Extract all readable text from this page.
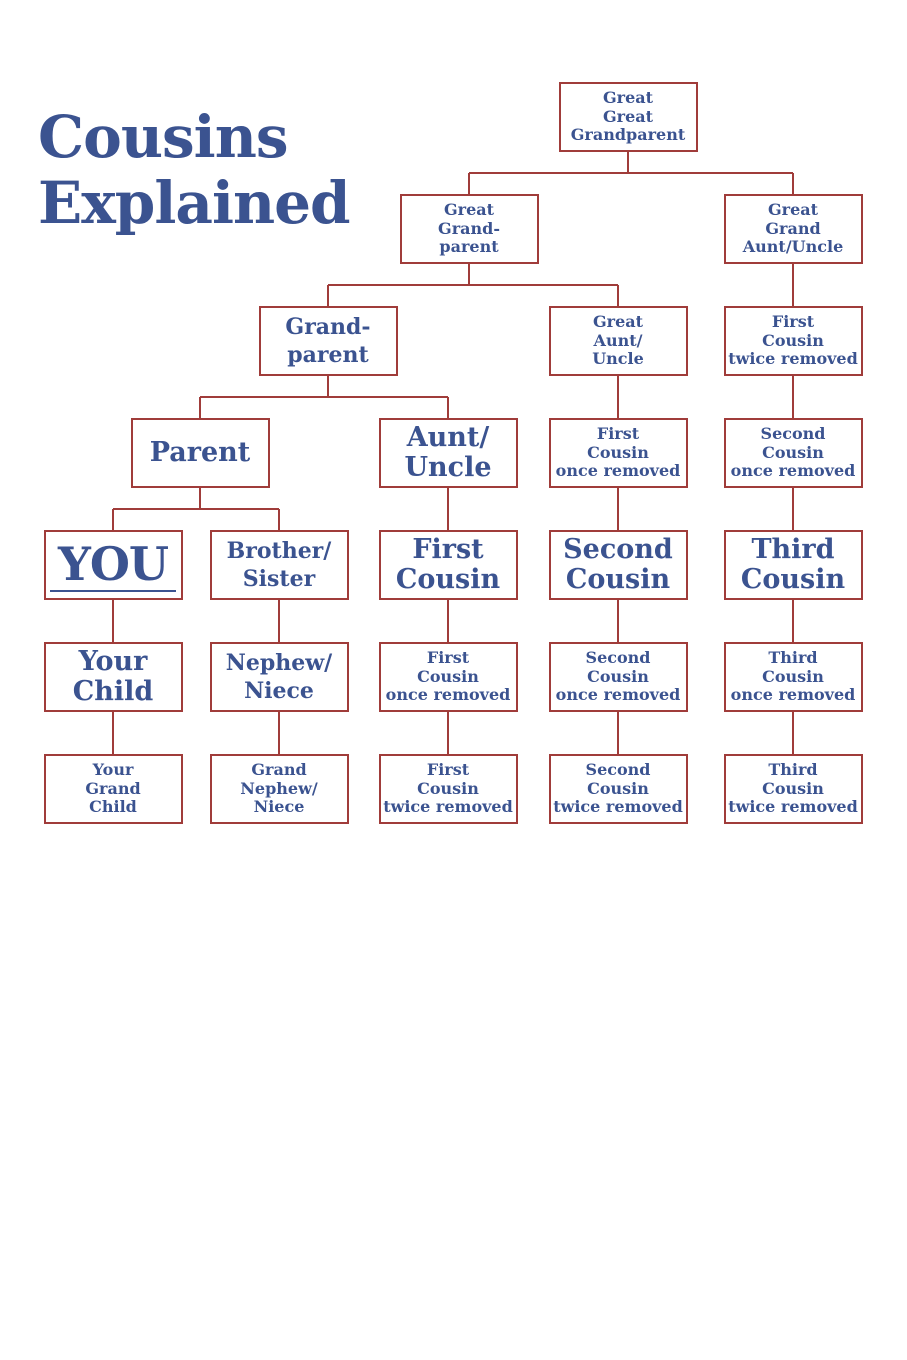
Cousins
Explained
Great
Great
Grandparent
Great
Grand-
parent
Great
Grand
Aunt/Uncle
Grand-
parent
Great
Aunt/
Uncle
First
Cousin
twice removed
Parent	Aunt/
Uncle
First
Cousin
once removed
Second
Cousin
once removed
YOU	Brother/
Sister
First
Cousin
Second
Cousin
Third
Cousin
Your
Child
Nephew/
Niece
First
Cousin
once removed
Second
Cousin
once removed
Third
Cousin
once removed
Your
Grand
Child
Grand
Nephew/
Niece
First
Cousin
twice removed
Second
Cousin
twice removed
Third
Cousin
twice removed
